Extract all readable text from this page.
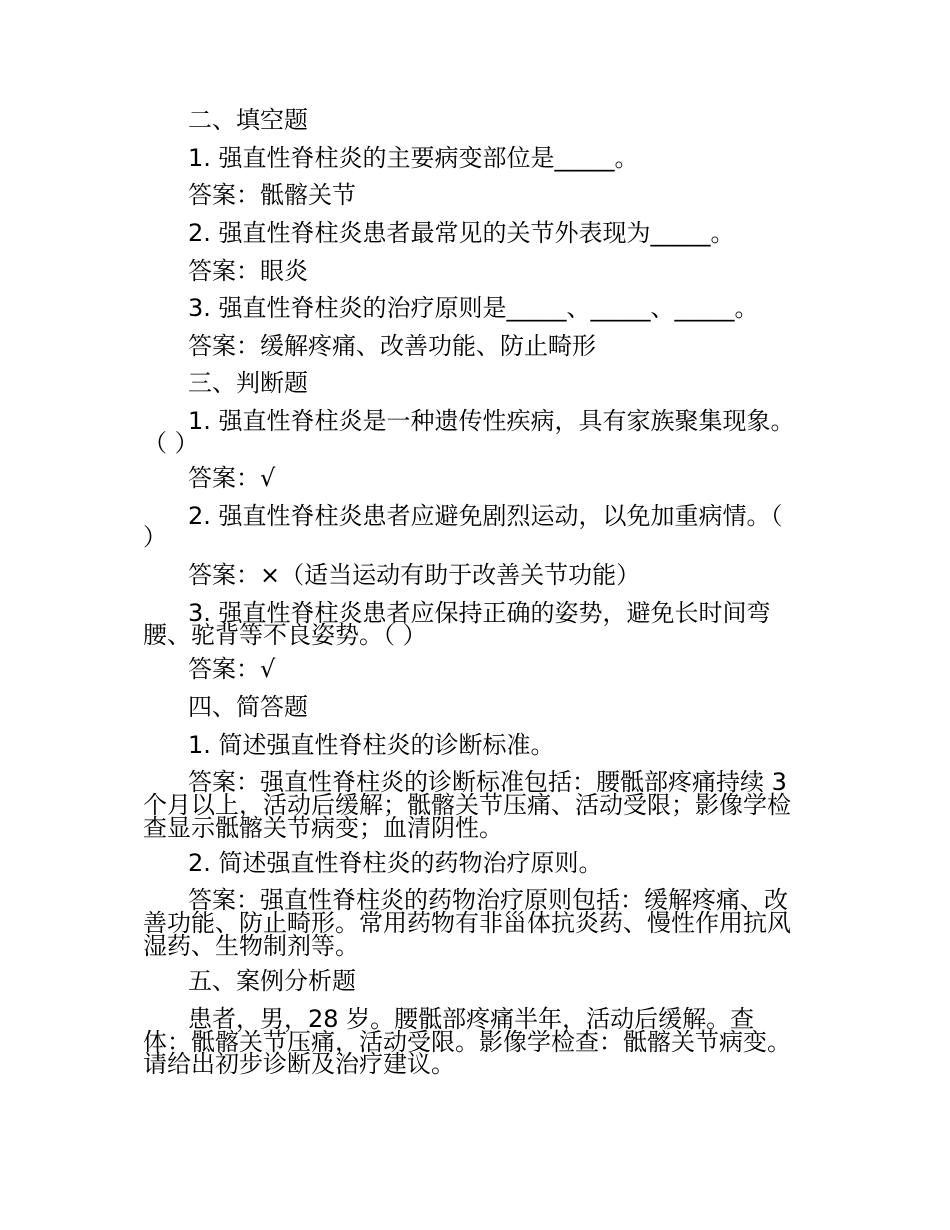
二、填空题
1. 强直性脊柱炎的主要病变部位是_____。
答案：骶髂关节
2. 强直性脊柱炎患者最常见的关节外表现为_____。
答案：眼炎
3. 强直性脊柱炎的治疗原则是_____、_____、_____。
答案：缓解疼痛、改善功能、防止畸形
三、判断题
1. 强直性脊柱炎是一种遗传性疾病，具有家族聚集现象。
（ ）
答案：√
2. 强直性脊柱炎患者应避免剧烈运动，以免加重病情。（
）
答案：×（适当运动有助于改善关节功能）
3. 强直性脊柱炎患者应保持正确的姿势，避免长时间弯
腰、驼背等不良姿势。（ ）
答案：√
四、简答题
1. 简述强直性脊柱炎的诊断标准。
答案：强直性脊柱炎的诊断标准包括：腰骶部疼痛持续 3
个月以上，活动后缓解；骶髂关节压痛、活动受限；影像学检
查显示骶髂关节病变；血清阴性。
2. 简述强直性脊柱炎的药物治疗原则。
答案：强直性脊柱炎的药物治疗原则包括：缓解疼痛、改
善功能、防止畸形。常用药物有非甾体抗炎药、慢性作用抗风
湿药、生物制剂等。
五、案例分析题
患者，男，28 岁。腰骶部疼痛半年，活动后缓解。查
体：骶髂关节压痛，活动受限。影像学检查：骶髂关节病变。
请给出初步诊断及治疗建议。
